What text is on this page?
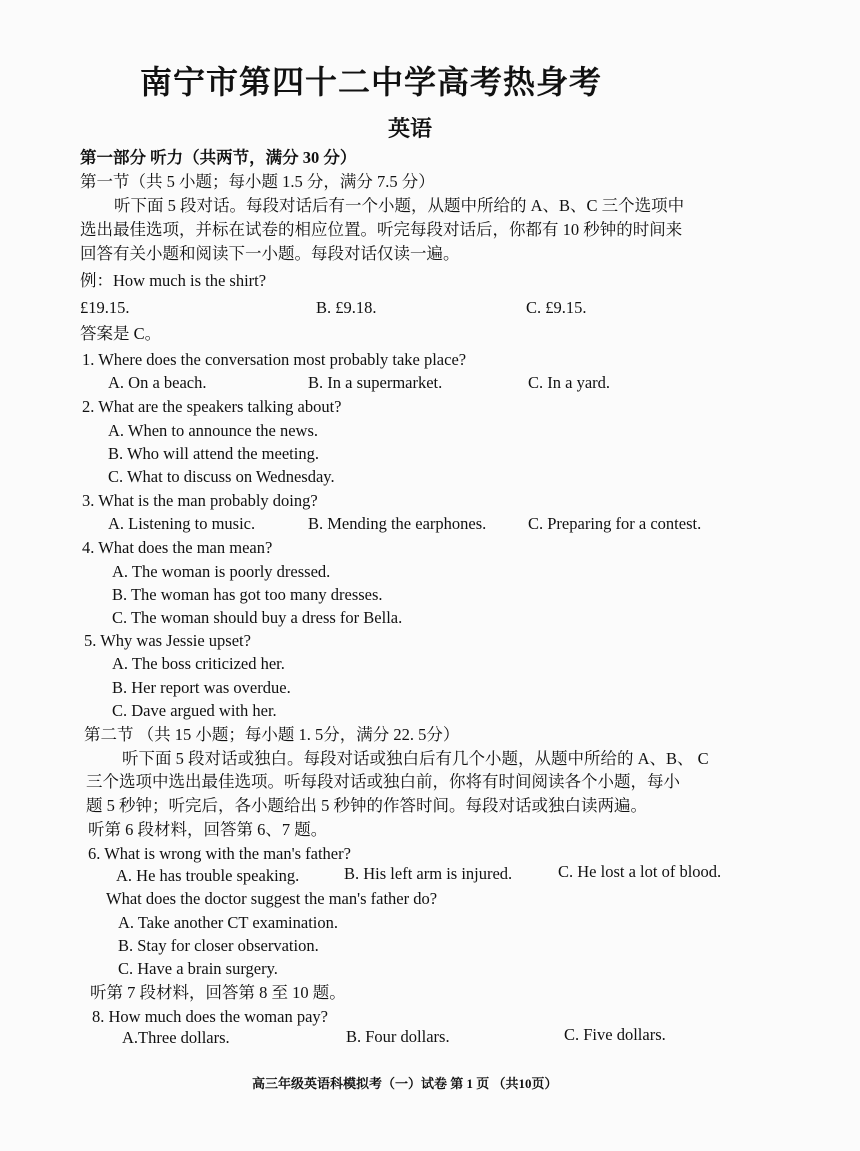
南宁市第四十二中学高考热身考
英语
第一部分 听力（共两节，满分 30 分）
第一节（共 5 小题；每小题 1.5 分，满分 7.5 分）
听下面 5 段对话。每段对话后有一个小题，从题中所给的 A、B、C 三个选项中
选出最佳选项，并标在试卷的相应位置。听完每段对话后，你都有 10 秒钟的时间来
回答有关小题和阅读下一小题。每段对话仅读一遍。
例：How much is the shirt?
£19.15.	B. £9.18.	C. £9.15.
答案是 C。
1. Where does the conversation most probably take place?
A. On a beach.	B. In a supermarket.	C. In a yard.
2. What are the speakers talking about?
A. When to announce the news.
B. Who will attend the meeting.
C. What to discuss on Wednesday.
3. What is the man probably doing?
A. Listening to music.	B. Mending the earphones.	C. Preparing for a contest.
4. What does the man mean?
A. The woman is poorly dressed.
B. The woman has got too many dresses.
C. The woman should buy a dress for Bella.
5. Why was Jessie upset?
A. The boss criticized her.
B. Her report was overdue.
C. Dave argued with her.
第二节 （共 15 小题；每小题 1. 5分，满分 22. 5分）
听下面 5 段对话或独白。每段对话或独白后有几个小题，从题中所给的 A、B、 C
三个选项中选出最佳选项。听每段对话或独白前，你将有时间阅读各个小题，每小
题 5 秒钟；听完后，各小题给出 5 秒钟的作答时间。每段对话或独白读两遍。
听第 6 段材料，回答第 6、7 题。
6. What is wrong with the man's father?
A. He has trouble speaking.	B. His left arm is injured.	C. He lost a lot of blood.
What does the doctor suggest the man's father do?
A. Take another CT examination.
B. Stay for closer observation.
C. Have a brain surgery.
听第 7 段材料，回答第 8 至 10 题。
8. How much does the woman pay?
A.Three dollars.	B. Four dollars.	C. Five dollars.
高三年级英语科模拟考（一）试卷 第 1 页 （共10页）
